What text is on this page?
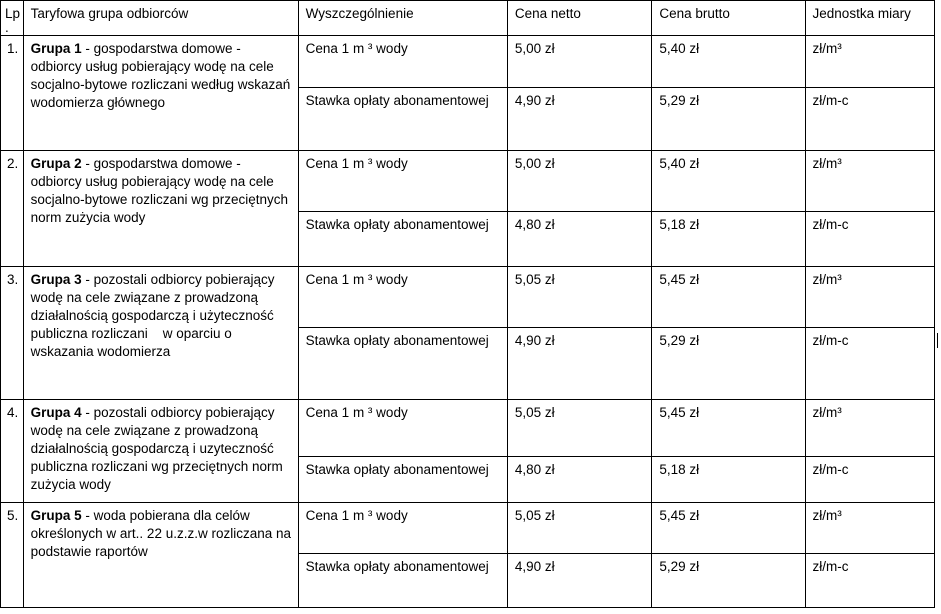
Lp
.	Taryfowa grupa odbiorców	Wyszczególnienie	Cena netto	Cena brutto	Jednostka miary
1.	Grupa 1 - gospodarstwa domowe - odbiorcy usług pobierający wodę na cele socjalno-bytowe rozliczani według wskazań wodomierza głównego	Cena 1 m ³ wody	5,00 zł	5,40 zł	zł/m³
		Stawka opłaty abonamentowej	4,90 zł	5,29 zł	zł/m-c
2.	Grupa 2 - gospodarstwa domowe - odbiorcy usług pobierający wodę na cele socjalno-bytowe rozliczani wg przeciętnych norm zużycia wody	Cena 1 m ³ wody	5,00 zł	5,40 zł	zł/m³
		Stawka opłaty abonamentowej	4,80 zł	5,18 zł	zł/m-c
3.	Grupa 3 - pozostali odbiorcy pobierający wodę na cele związane z prowadzoną działalnością gospodarczą i użyteczność publiczna rozliczani    w oparciu o wskazania wodomierza	Cena 1 m ³ wody	5,05 zł	5,45 zł	zł/m³
		Stawka opłaty abonamentowej	4,90 zł	5,29 zł	zł/m-c
4.	Grupa 4 - pozostali odbiorcy pobierający wodę na cele związane z prowadzoną działalnością gospodarczą i uzyteczność publiczna rozliczani wg przeciętnych norm zużycia wody	Cena 1 m ³ wody	5,05 zł	5,45 zł	zł/m³
		Stawka opłaty abonamentowej	4,80 zł	5,18 zł	zł/m-c
5.	Grupa 5 - woda pobierana dla celów określonych w art.. 22 u.z.z.w rozliczana na podstawie raportów	Cena 1 m ³ wody	5,05 zł	5,45 zł	zł/m³
		Stawka opłaty abonamentowej	4,90 zł	5,29 zł	zł/m-c
